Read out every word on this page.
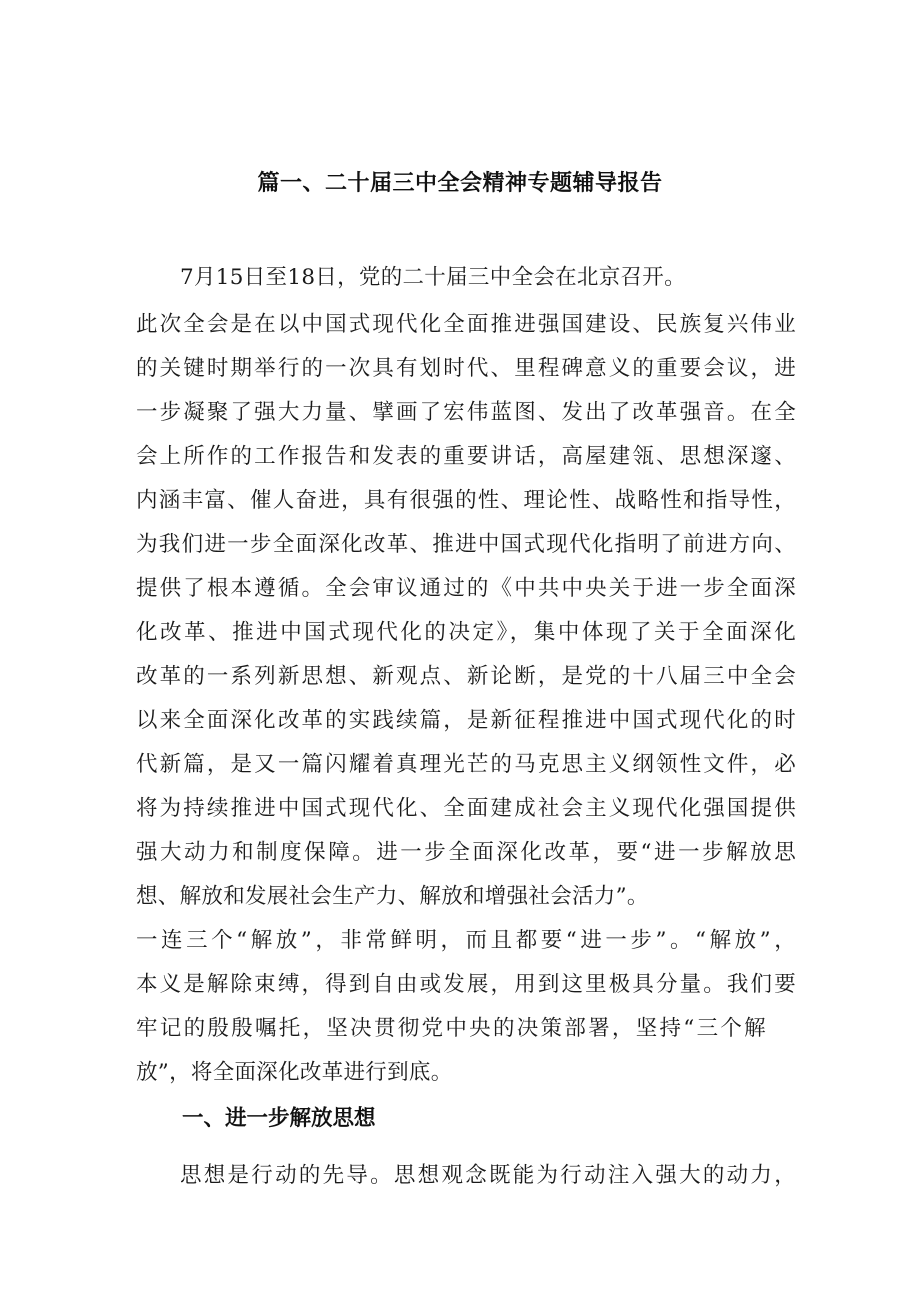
篇一、二十届三中全会精神专题辅导报告
7月15日至18日，党的二十届三中全会在北京召开。
此次全会是在以中国式现代化全面推进强国建设、民族复兴伟业
的关键时期举行的一次具有划时代、里程碑意义的重要会议，进
一步凝聚了强大力量、擘画了宏伟蓝图、发出了改革强音。在全
会上所作的工作报告和发表的重要讲话，高屋建瓴、思想深邃、
内涵丰富、催人奋进，具有很强的性、理论性、战略性和指导性，
为我们进一步全面深化改革、推进中国式现代化指明了前进方向、
提供了根本遵循。全会审议通过的《中共中央关于进一步全面深
化改革、推进中国式现代化的决定》，集中体现了关于全面深化
改革的一系列新思想、新观点、新论断，是党的十八届三中全会
以来全面深化改革的实践续篇，是新征程推进中国式现代化的时
代新篇，是又一篇闪耀着真理光芒的马克思主义纲领性文件，必
将为持续推进中国式现代化、全面建成社会主义现代化强国提供
强大动力和制度保障。进一步全面深化改革，要“进一步解放思
想、解放和发展社会生产力、解放和增强社会活力”。
一连三个“解放”，非常鲜明，而且都要“进一步”。“解放”，
本义是解除束缚，得到自由或发展，用到这里极具分量。我们要
牢记的殷殷嘱托，坚决贯彻党中央的决策部署，坚持“三个解
放”，将全面深化改革进行到底。
一、进一步解放思想
思想是行动的先导。思想观念既能为行动注入强大的动力，
